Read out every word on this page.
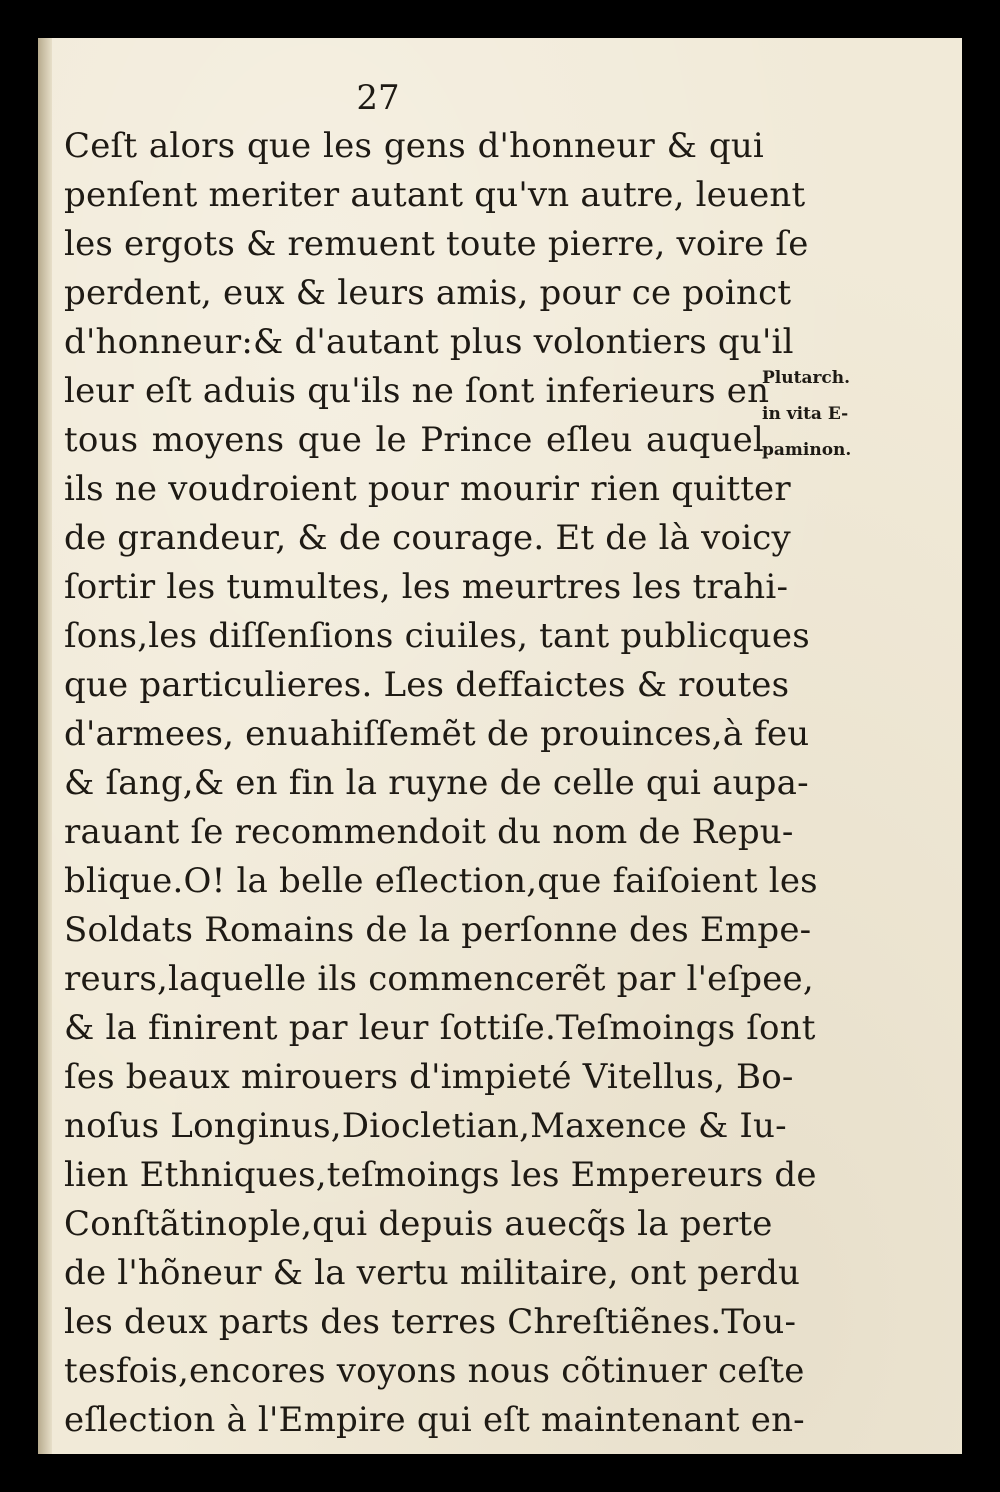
27
Ceſt alors que les gens d'honneur & qui
penſent meriter autant qu'vn autre, leuent
les ergots & remuent toute pierre, voire ſe
perdent, eux & leurs amis, pour ce poinct
d'honneur:& d'autant plus volontiers qu'il
leur eſt aduis qu'ils ne ſont inferieurs en
tous moyens que le Prince eſleu auquel
ils ne voudroient pour mourir rien quitter
de grandeur, & de courage. Et de là voicy
ſortir les tumultes, les meurtres les trahi-
ſons,les diſſenſions ciuiles, tant publicques
que particulieres. Les deffaictes & routes
d'armees, enuahiſſemẽt de prouinces,à feu
& ſang,& en fin la ruyne de celle qui aupa-
rauant ſe recommendoit du nom de Repu-
blique.O! la belle eſlection,que faiſoient les
Soldats Romains de la perſonne des Empe-
reurs,laquelle ils commencerẽt par l'eſpee,
& la finirent par leur ſottiſe.Teſmoings ſont
ſes beaux mirouers d'impieté Vitellus, Bo-
noſus Longinus,Diocletian,Maxence & Iu-
lien Ethniques,teſmoings les Empereurs de
Conſtãtinople,qui depuis auecq̃s la perte
de l'hõneur & la vertu militaire, ont perdu
les deux parts des terres Chreſtiẽnes.Tou-
tesfois,encores voyons nous cõtinuer ceſte
eſlection à l'Empire qui eſt maintenant en-
Plutarch.
in vita E-
paminon.
